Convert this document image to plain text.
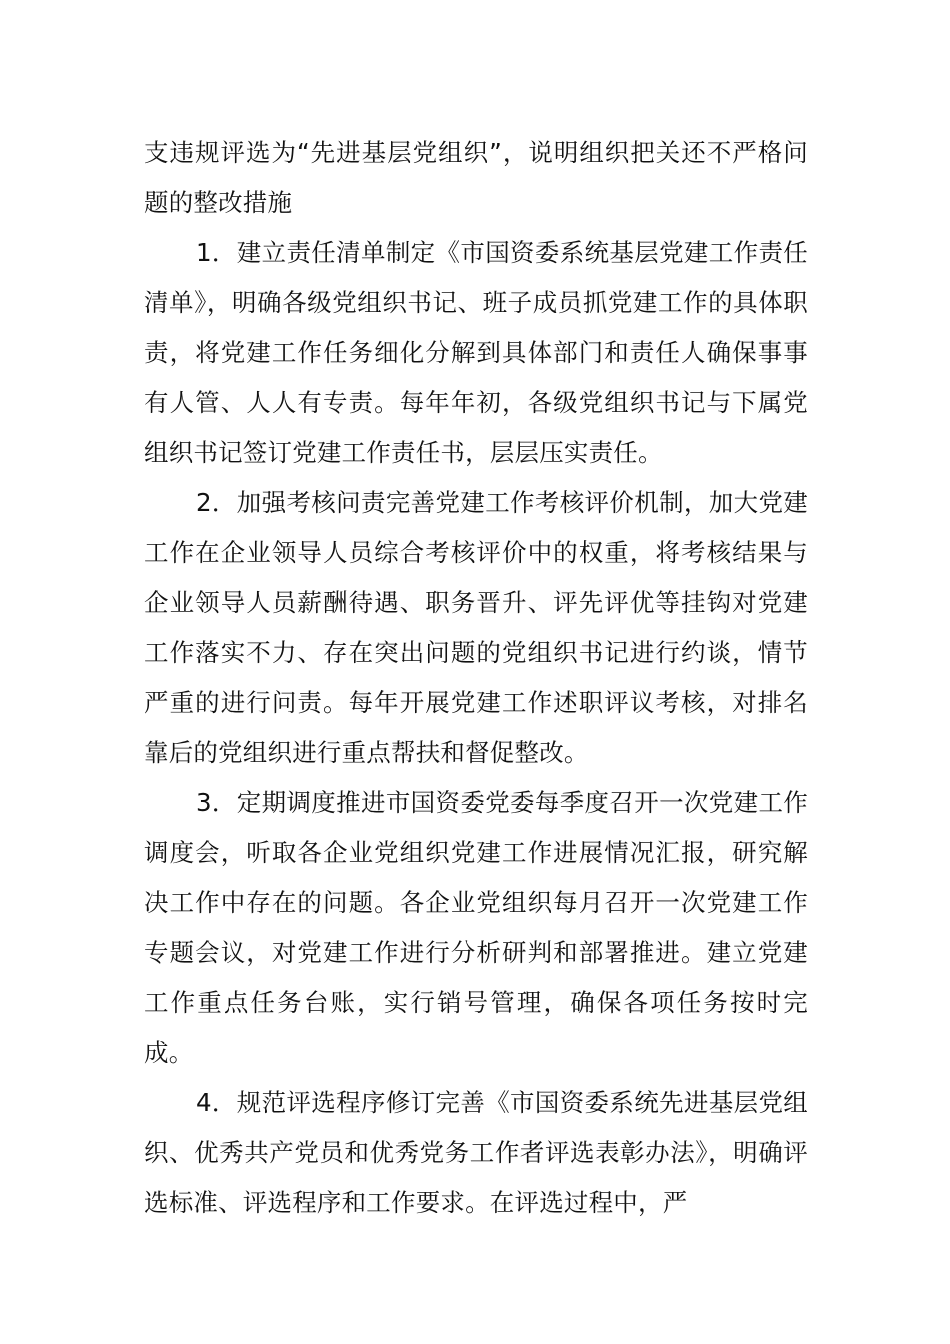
支违规评选为“先进基层党组织”，说明组织把关还不严格问题的整改措施

1．建立责任清单制定《市国资委系统基层党建工作责任清单》，明确各级党组织书记、班子成员抓党建工作的具体职责，将党建工作任务细化分解到具体部门和责任人确保事事有人管、人人有专责。每年年初，各级党组织书记与下属党组织书记签订党建工作责任书，层层压实责任。

2．加强考核问责完善党建工作考核评价机制，加大党建工作在企业领导人员综合考核评价中的权重，将考核结果与企业领导人员薪酬待遇、职务晋升、评先评优等挂钩对党建工作落实不力、存在突出问题的党组织书记进行约谈，情节严重的进行问责。每年开展党建工作述职评议考核，对排名靠后的党组织进行重点帮扶和督促整改。

3．定期调度推进市国资委党委每季度召开一次党建工作调度会，听取各企业党组织党建工作进展情况汇报，研究解决工作中存在的问题。各企业党组织每月召开一次党建工作专题会议，对党建工作进行分析研判和部署推进。建立党建工作重点任务台账，实行销号管理，确保各项任务按时完成。

4．规范评选程序修订完善《市国资委系统先进基层党组织、优秀共产党员和优秀党务工作者评选表彰办法》，明确评选标准、评选程序和工作要求。在评选过程中，严
